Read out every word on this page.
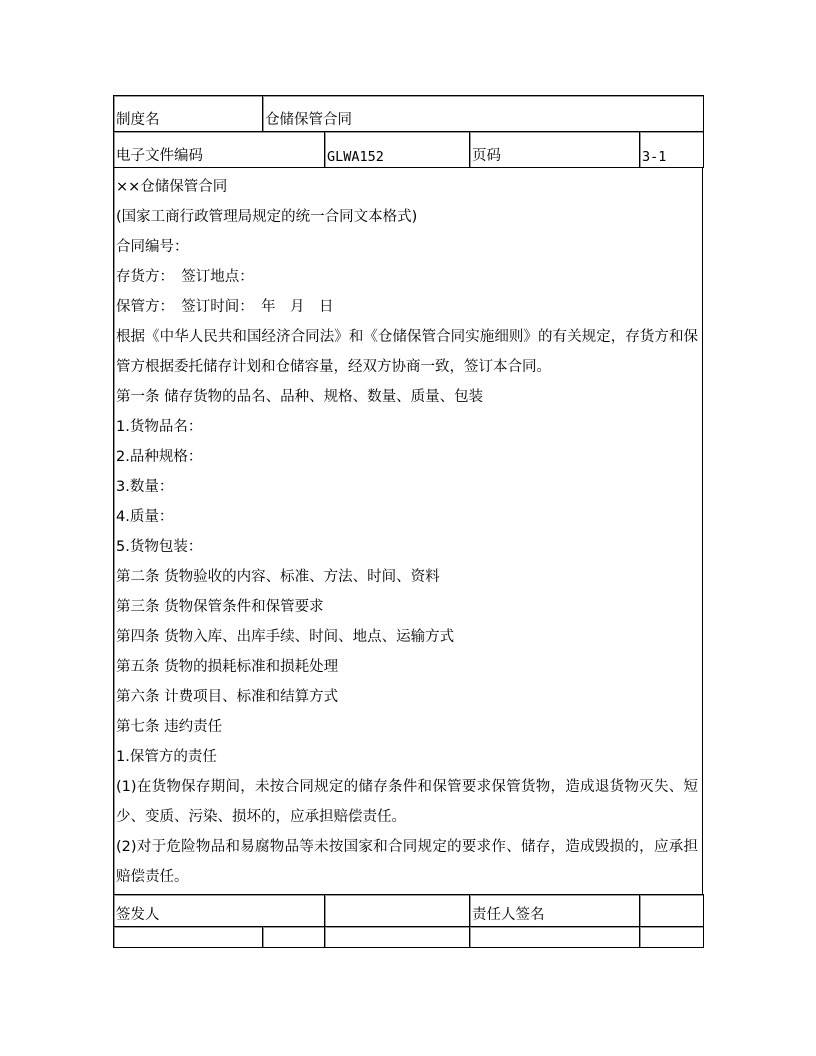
制度名	仓储保管合同			
电子文件编码		GLWA152	页码	3-1

××仓储保管合同

(国家工商行政管理局规定的统一合同文本格式)

合同编号：

存货方：　签订地点：

保管方：　签订时间：　年　月　日

根据《中华人民共和国经济合同法》和《仓储保管合同实施细则》的有关规定，存货方和保管方根据委托储存计划和仓储容量，经双方协商一致，签订本合同。

第一条 储存货物的品名、品种、规格、数量、质量、包装

1.货物品名：

2.品种规格：

3.数量：

4.质量：

5.货物包装：

第二条 货物验收的内容、标准、方法、时间、资料

第三条 货物保管条件和保管要求

第四条 货物入库、出库手续、时间、地点、运输方式

第五条 货物的损耗标准和损耗处理

第六条 计费项目、标准和结算方式

第七条 违约责任

1.保管方的责任

(1)在货物保存期间，未按合同规定的储存条件和保管要求保管货物，造成退货物灭失、短少、变质、污染、损坏的，应承担赔偿责任。

(2)对于危险物品和易腐物品等未按国家和合同规定的要求作、储存，造成毁损的，应承担赔偿责任。

签发人			责任人签名	
